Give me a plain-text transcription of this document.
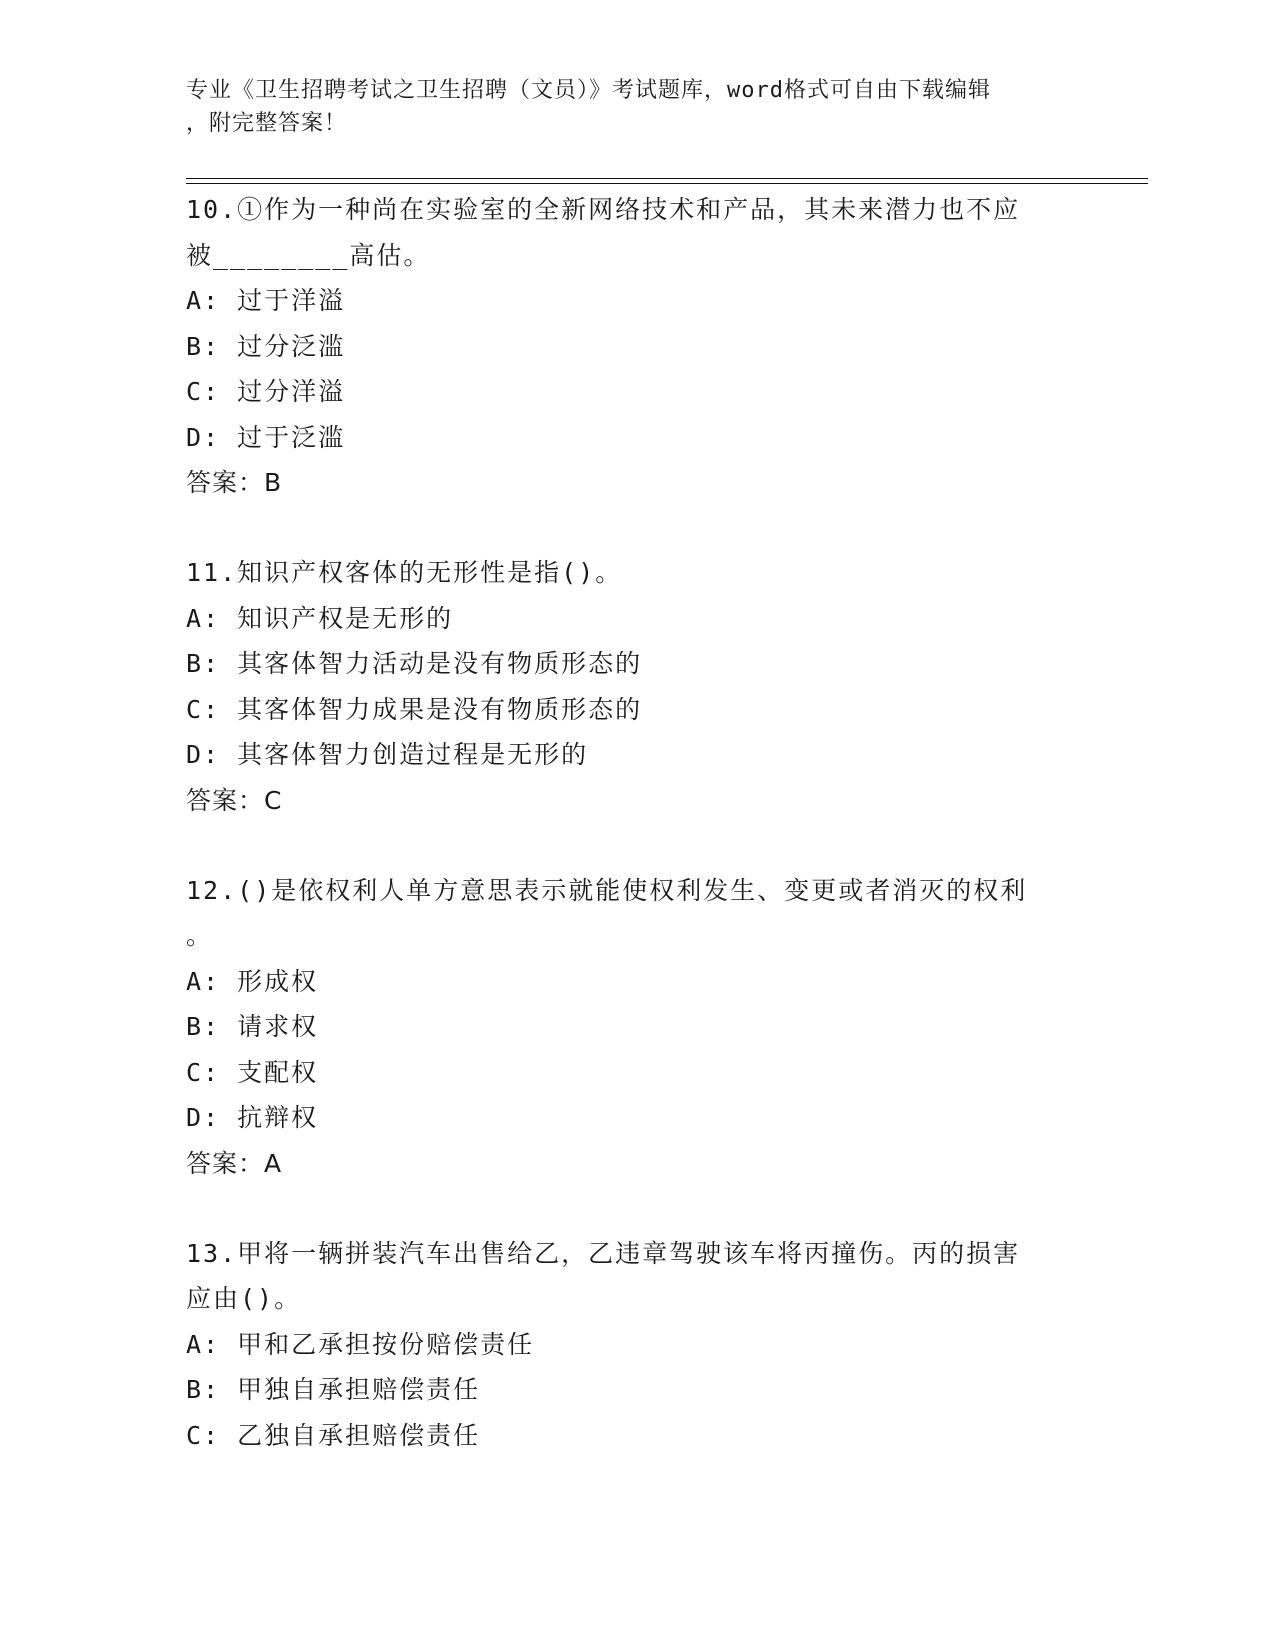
专业《卫生招聘考试之卫生招聘（文员）》考试题库，word格式可自由下载编辑
，附完整答案！
10.①作为一种尚在实验室的全新网络技术和产品，其未来潜力也不应
被________高估。
A: 过于洋溢
B: 过分泛滥
C: 过分洋溢
D: 过于泛滥
答案：B
11.知识产权客体的无形性是指()。
A: 知识产权是无形的
B: 其客体智力活动是没有物质形态的
C: 其客体智力成果是没有物质形态的
D: 其客体智力创造过程是无形的
答案：C
12.()是依权利人单方意思表示就能使权利发生、变更或者消灭的权利
。
A: 形成权
B: 请求权
C: 支配权
D: 抗辩权
答案：A
13.甲将一辆拼装汽车出售给乙，乙违章驾驶该车将丙撞伤。丙的损害
应由()。
A: 甲和乙承担按份赔偿责任
B: 甲独自承担赔偿责任
C: 乙独自承担赔偿责任
